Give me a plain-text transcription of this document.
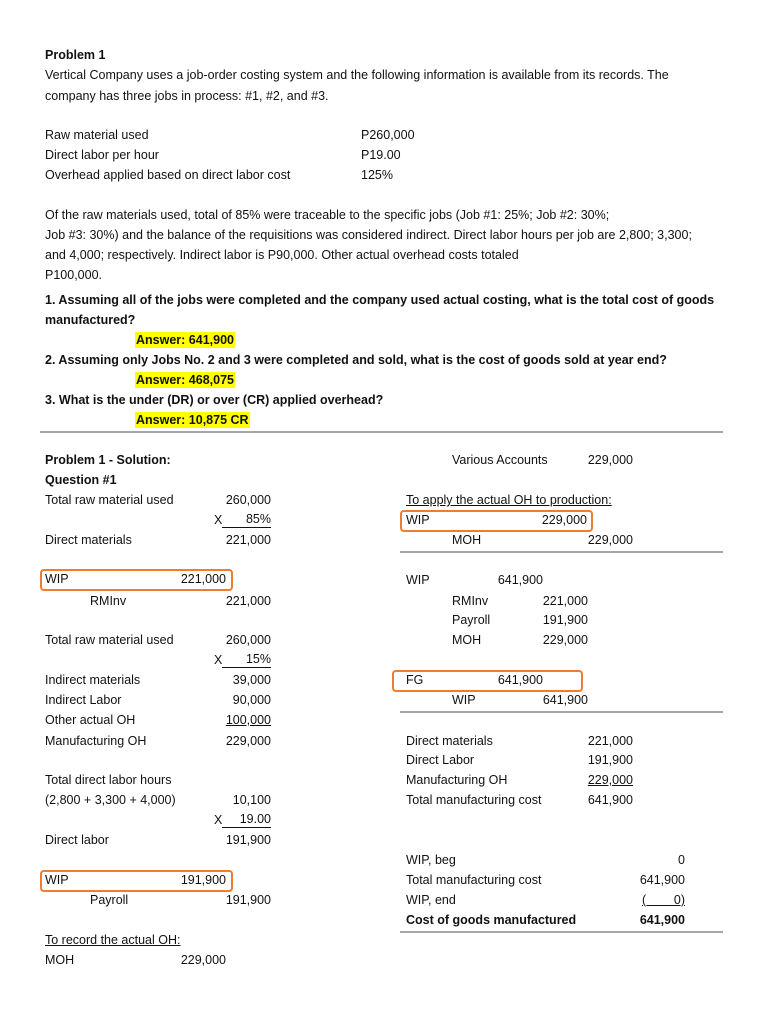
Problem 1
Vertical Company uses a job-order costing system and the following information is available from its records. The
company has three jobs in process: #1, #2, and #3.
Raw material used	P260,000
Direct labor per hour	P19.00
Overhead applied based on direct labor cost	125%
Of the raw materials used, total of 85% were traceable to the specific jobs (Job #1: 25%; Job #2: 30%;
Job #3: 30%) and the balance of the requisitions was considered indirect. Direct labor hours per job are 2,800; 3,300;
and 4,000; respectively. Indirect labor is P90,000. Other actual overhead costs totaled
P100,000.
1. Assuming all of the jobs were completed and the company used actual costing, what is the total cost of goods
manufactured?
Answer: 641,900
2. Assuming only Jobs No. 2 and 3 were completed and sold, what is the cost of goods sold at year end?
Answer: 468,075
3. What is the under (DR) or over (CR) applied overhead?
Answer: 10,875 CR
Problem 1 - Solution:
Question #1
Total raw material used	260,000
X	85%
Direct materials	221,000
WIP	221,000
RMInv	221,000
Total raw material used	260,000
X	15%
Indirect materials	39,000
Indirect Labor	90,000
Other actual OH	100,000
Manufacturing OH	229,000
Total direct labor hours
(2,800 + 3,300 + 4,000)	10,100
X	19.00
Direct labor	191,900
WIP	191,900
Payroll	191,900
To record the actual OH:
MOH	229,000
Various Accounts	229,000
To apply the actual OH to production:
WIP	229,000
MOH	229,000
WIP	641,900
RMInv	221,000
Payroll	191,900
MOH	229,000
FG	641,900
WIP	641,900
Direct materials	221,000
Direct Labor	191,900
Manufacturing OH	229,000
Total manufacturing cost	641,900
WIP, beg	0
Total manufacturing cost	641,900
WIP, end	(        0)
Cost of goods manufactured	641,900
